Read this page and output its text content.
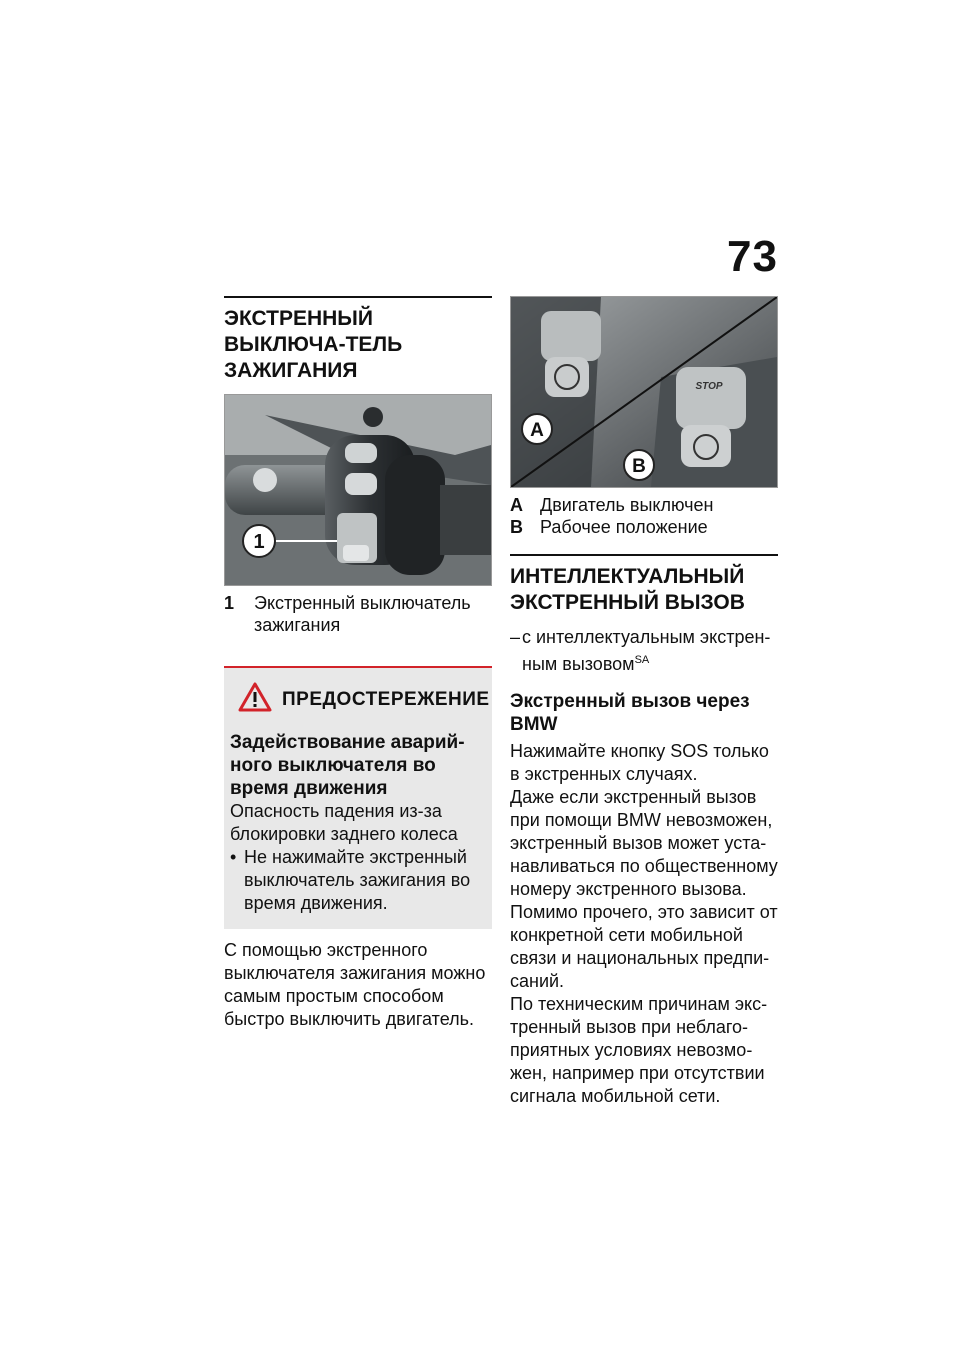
73
ЭКСТРЕННЫЙ ВЫКЛЮЧА-ТЕЛЬ ЗАЖИГАНИЯ
1
1	Экстренный выключатель зажигания
ПРЕДОСТЕРЕЖЕНИЕ
Задействование аварий-ного выключателя во время движения
Опасность падения из-за блокировки заднего колеса
• Не нажимайте экстренный выключатель зажигания во время движения.
С помощью экстренного выключателя зажигания можно самым простым способом быстро выключить двигатель.
STOP
A
B
A Двигатель выключен
B Рабочее положение
ИНТЕЛЛЕКТУАЛЬНЫЙ ЭКСТРЕННЫЙ ВЫЗОВ
– с интеллектуальным экстрен-ным вызовом$^{SA}$
Экстренный вызов через BMW
Нажимайте кнопку SOS только в экстренных случаях.
Даже если экстренный вызов при помощи BMW невозможен, экстренный вызов может уста-навливаться по общественному номеру экстренного вызова. Помимо прочего, это зависит от конкретной сети мобильной связи и национальных предпи-саний.
По техническим причинам экс-тренный вызов при неблаго-приятных условиях невозмо-жен, например при отсутствии сигнала мобильной сети.
